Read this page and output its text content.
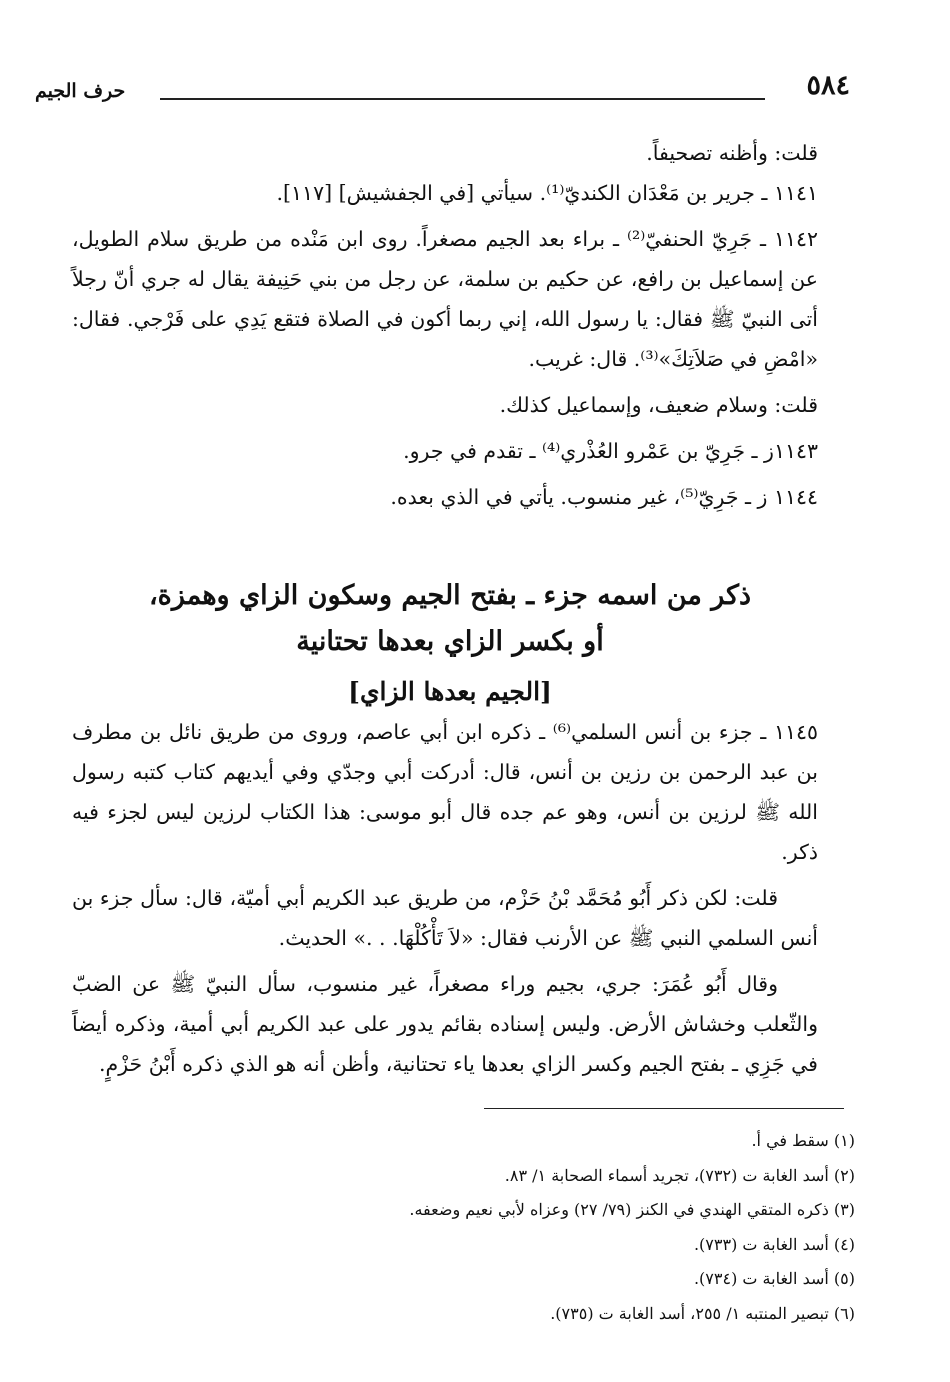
٥٨٤
حرف الجيم

قلت: وأظنه تصحيفاً.

١١٤١ ـ جرير بن مَعْدَان الكنديّ⁽¹⁾. سيأتي [في الجفشيش] [١١٧].

١١٤٢ ـ جَرِيّ الحنفيّ⁽²⁾ ـ براء بعد الجيم مصغراً. روى ابن مَنْده من طريق سلام الطويل، عن إسماعيل بن رافع، عن حكيم بن سلمة، عن رجل من بني حَنِيفة يقال له جري أنّ رجلاً أتى النبيّ ﷺ فقال: يا رسول الله، إني ربما أكون في الصلاة فتقع يَدِي على فَرْجي. فقال: «امْضِ في صَلاَتِكَ»⁽³⁾. قال: غريب.

قلت: وسلام ضعيف، وإسماعيل كذلك.

١١٤٣ز ـ جَرِيّ بن عَمْرو العُذْري⁽⁴⁾ ـ تقدم في جرو.

١١٤٤ ز ـ جَرِيّ⁽⁵⁾، غير منسوب. يأتي في الذي بعده.

ذكر من اسمه جزء ـ بفتح الجيم وسكون الزاي وهمزة،
أو بكسر الزاي بعدها تحتانية
[الجيم بعدها الزاي]

١١٤٥ ـ جزء بن أنس السلمي⁽⁶⁾ ـ ذكره ابن أبي عاصم، وروى من طريق نائل بن مطرف بن عبد الرحمن بن رزين بن أنس، قال: أدركت أبي وجدّي وفي أيديهم كتاب كتبه رسول الله ﷺ لرزين بن أنس، وهو عم جده قال أبو موسى: هذا الكتاب لرزين ليس لجزء فيه ذكر.

قلت: لكن ذكر أَبُو مُحَمَّد بْنُ حَزْم، من طريق عبد الكريم أبي أميّة، قال: سأل جزء بن أنس السلمي النبي ﷺ عن الأرنب فقال: «لاَ تَأْكُلْهَا. . .» الحديث.

وقال أَبُو عُمَرَ: جري، بجيم وراء مصغراً، غير منسوب، سأل النبيّ ﷺ عن الضبّ والثّعلب وخشاش الأرض. وليس إسناده بقائم يدور على عبد الكريم أبي أمية، وذكره أيضاً في جَزِي ـ بفتح الجيم وكسر الزاي بعدها ياء تحتانية، وأظن أنه هو الذي ذكره أَبْنُ حَزْمٍ.

(١) سقط في أ.

(٢) أسد الغابة ت (٧٣٢)، تجريد أسماء الصحابة ١/ ٨٣.

(٣) ذكره المتقي الهندي في الكنز (٧٩/ ٢٧) وعزاه لأبي نعيم وضعفه.

(٤) أسد الغابة ت (٧٣٣).

(٥) أسد الغابة ت (٧٣٤).

(٦) تبصير المنتبه ١/ ٢٥٥، أسد الغابة ت (٧٣٥).
